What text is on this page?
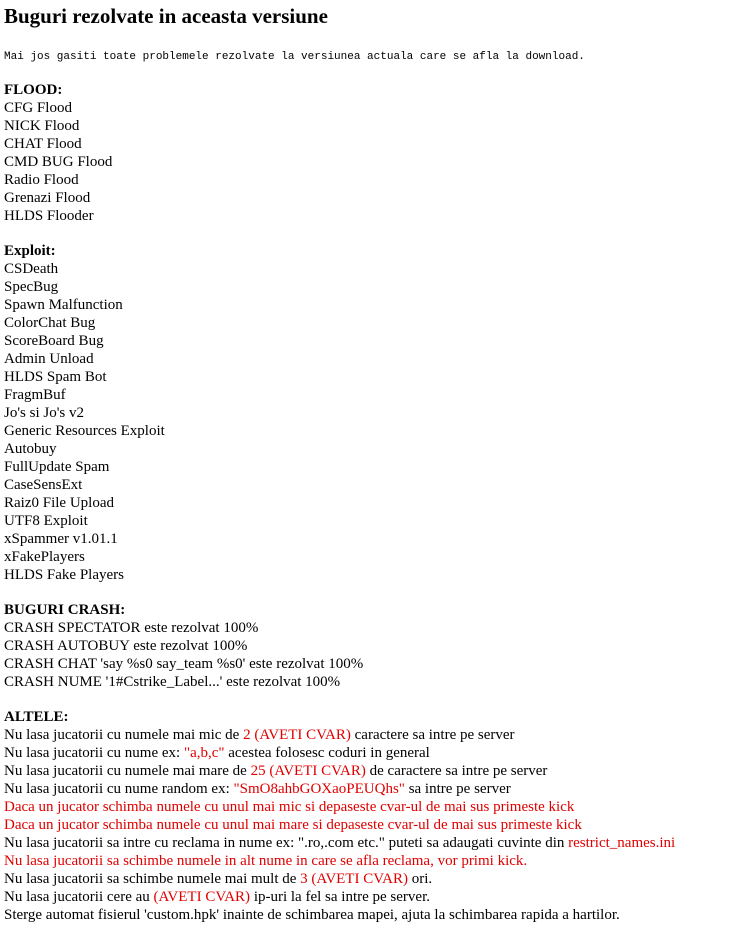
Buguri rezolvate in aceasta versiune

Mai jos gasiti toate problemele rezolvate la versiunea actuala care se afla la download.

FLOOD:
CFG Flood
NICK Flood
CHAT Flood
CMD BUG Flood
Radio Flood
Grenazi Flood
HLDS Flooder
Exploit:
CSDeath
SpecBug
Spawn Malfunction
ColorChat Bug
ScoreBoard Bug
Admin Unload
HLDS Spam Bot
FragmBuf
Jo's si Jo's v2
Generic Resources Exploit
Autobuy
FullUpdate Spam
CaseSensExt
Raiz0 File Upload
UTF8 Exploit
xSpammer v1.01.1
xFakePlayers
HLDS Fake Players
BUGURI CRASH:
CRASH SPECTATOR este rezolvat 100%
CRASH AUTOBUY este rezolvat 100%
CRASH CHAT 'say %s0 say_team %s0' este rezolvat 100%
CRASH NUME '1#Cstrike_Label...' este rezolvat 100%
ALTELE:
Nu lasa jucatorii cu numele mai mic de 2 (AVETI CVAR) caractere sa intre pe server
Nu lasa jucatorii cu nume ex: "a,b,c" acestea folosesc coduri in general
Nu lasa jucatorii cu numele mai mare de 25 (AVETI CVAR) de caractere sa intre pe server
Nu lasa jucatorii cu nume random ex: "SmO8ahbGOXaoPEUQhs" sa intre pe server
Daca un jucator schimba numele cu unul mai mic si depaseste cvar-ul de mai sus primeste kick
Daca un jucator schimba numele cu unul mai mare si depaseste cvar-ul de mai sus primeste kick
Nu lasa jucatorii sa intre cu reclama in nume ex: ".ro,.com etc." puteti sa adaugati cuvinte din restrict_names.ini
Nu lasa jucatorii sa schimbe numele in alt nume in care se afla reclama, vor primi kick.
Nu lasa jucatorii sa schimbe numele mai mult de 3 (AVETI CVAR) ori.
Nu lasa jucatorii cere au (AVETI CVAR) ip-uri la fel sa intre pe server.
Sterge automat fisierul 'custom.hpk' inainte de schimbarea mapei, ajuta la schimbarea rapida a hartilor.
